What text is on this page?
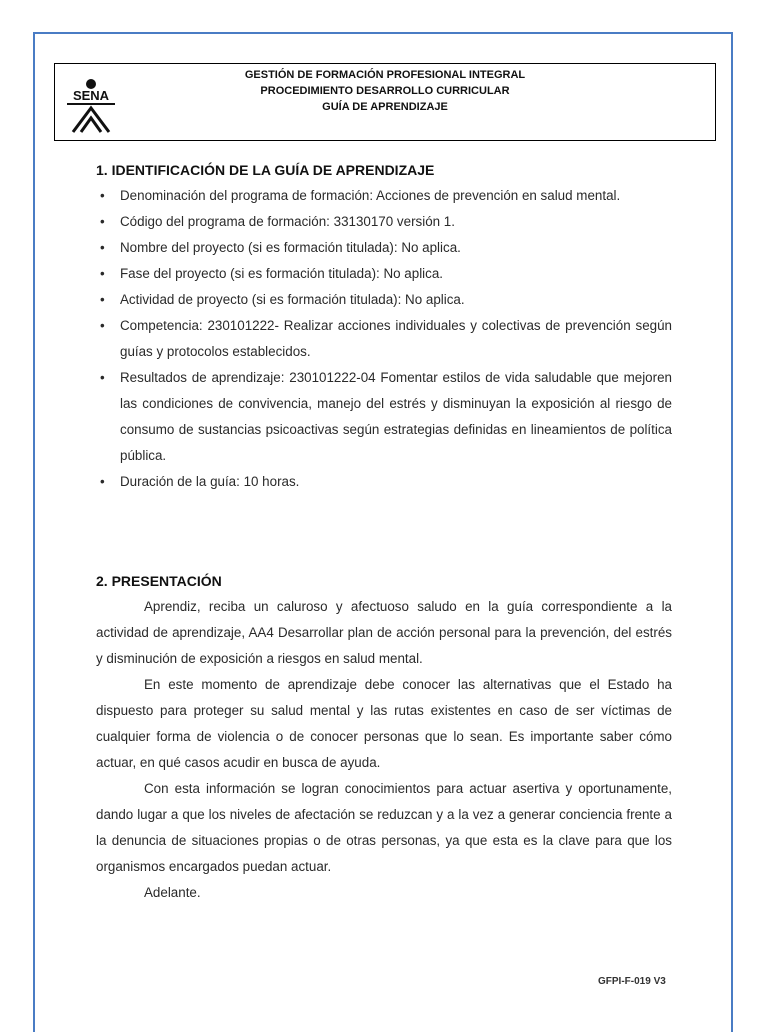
SENA
GESTIÓN DE FORMACIÓN PROFESIONAL INTEGRAL
PROCEDIMIENTO DESARROLLO CURRICULAR
GUÍA DE APRENDIZAJE
1. IDENTIFICACIÓN DE LA GUÍA DE APRENDIZAJE
• Denominación del programa de formación: Acciones de prevención en salud mental.
• Código del programa de formación: 33130170 versión 1.
• Nombre del proyecto (si es formación titulada): No aplica.
• Fase del proyecto (si es formación titulada): No aplica.
• Actividad de proyecto (si es formación titulada): No aplica.
• Competencia: 230101222- Realizar acciones individuales y colectivas de prevención según guías y protocolos establecidos.
• Resultados de aprendizaje: 230101222-04 Fomentar estilos de vida saludable que mejoren las condiciones de convivencia, manejo del estrés y disminuyan la exposición al riesgo de consumo de sustancias psicoactivas según estrategias definidas en lineamientos de política pública.
• Duración de la guía: 10 horas.
2. PRESENTACIÓN

Aprendiz, reciba un caluroso y afectuoso saludo en la guía correspondiente a la actividad de aprendizaje, AA4 Desarrollar plan de acción personal para la prevención, del estrés y disminución de exposición a riesgos en salud mental.

En este momento de aprendizaje debe conocer las alternativas que el Estado ha dispuesto para proteger su salud mental y las rutas existentes en caso de ser víctimas de cualquier forma de violencia o de conocer personas que lo sean. Es importante saber cómo actuar, en qué casos acudir en busca de ayuda.

Con esta información se logran conocimientos para actuar asertiva y oportunamente, dando lugar a que los niveles de afectación se reduzcan y a la vez a generar conciencia frente a la denuncia de situaciones propias o de otras personas, ya que esta es la clave para que los organismos encargados puedan actuar.

Adelante.

GFPI-F-019 V3
